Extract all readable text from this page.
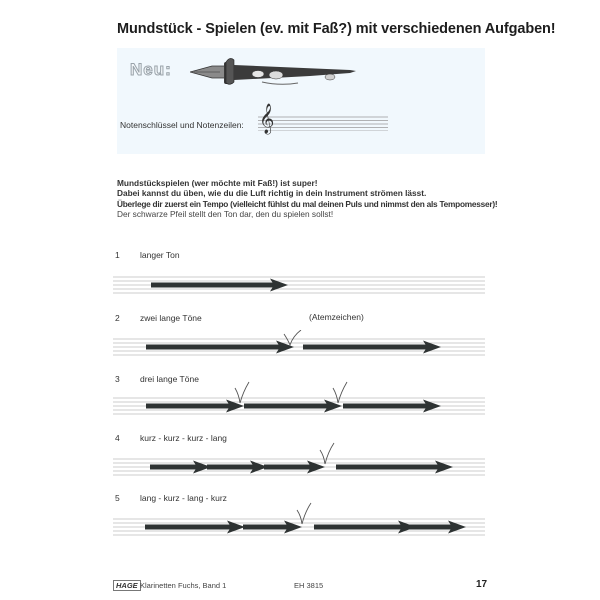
Mundstück - Spielen (ev. mit Faß?) mit verschiedenen Aufgaben!
Neu:
Notenschlüssel und Notenzeilen: 𝄞
Mundstückspielen (wer möchte mit Faß!) ist super!
Dabei kannst du üben, wie du die Luft richtig in dein Instrument strömen lässt.
Überlege dir zuerst ein Tempo (vielleicht fühlst du mal deinen Puls und nimmst den als Tempomesser)!
Der schwarze Pfeil stellt den Ton dar, den du spielen sollst!
1 langer Ton
2 zwei lange Töne	(Atemzeichen)
3 drei lange Töne
4 kurz - kurz - kurz - lang
5 lang - kurz - lang - kurz
HAGE Klarinetten Fuchs, Band 1	EH 3815	17
